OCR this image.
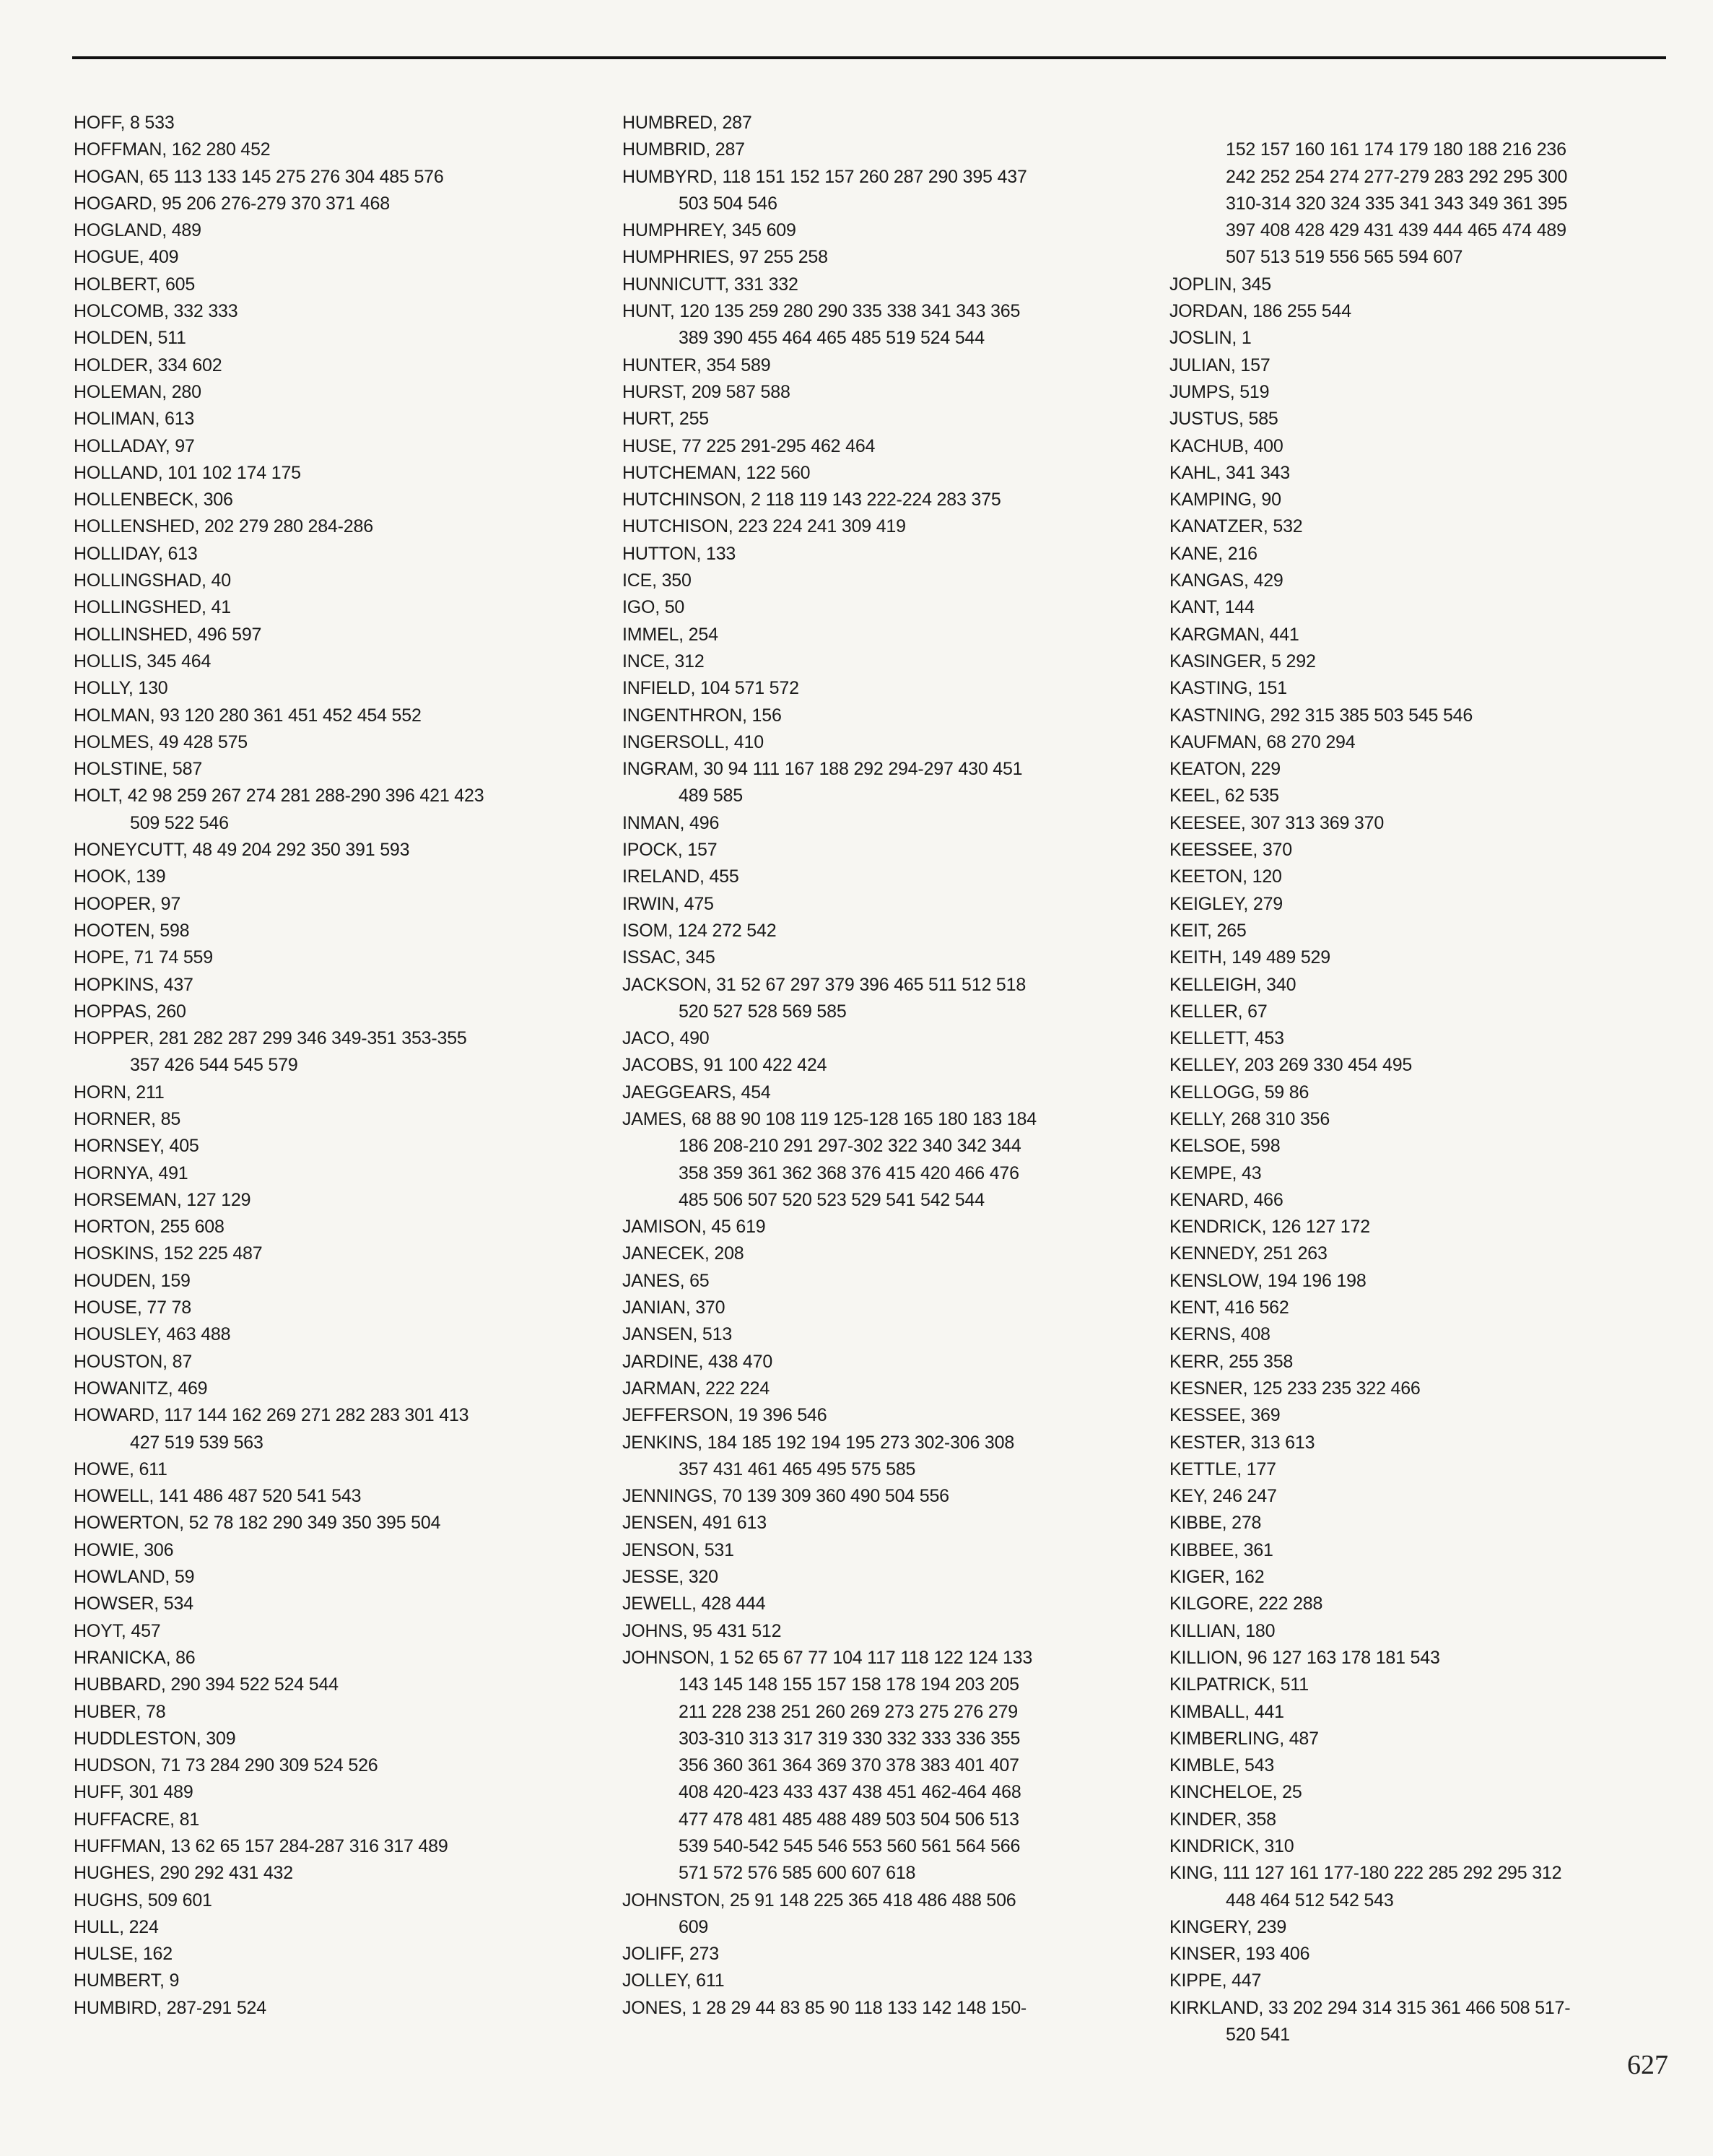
HOFF, 8 533
HOFFMAN, 162 280 452
HOGAN, 65 113 133 145 275 276 304 485 576
HOGARD, 95 206 276-279 370 371 468
HOGLAND, 489
HOGUE, 409
HOLBERT, 605
HOLCOMB, 332 333
HOLDEN, 511
HOLDER, 334 602
HOLEMAN, 280
HOLIMAN, 613
HOLLADAY, 97
HOLLAND, 101 102 174 175
HOLLENBECK, 306
HOLLENSHED, 202 279 280 284-286
HOLLIDAY, 613
HOLLINGSHAD, 40
HOLLINGSHED, 41
HOLLINSHED, 496 597
HOLLIS, 345 464
HOLLY, 130
HOLMAN, 93 120 280 361 451 452 454 552
HOLMES, 49 428 575
HOLSTINE, 587
HOLT, 42 98 259 267 274 281 288-290 396 421 423
509 522 546
HONEYCUTT, 48 49 204 292 350 391 593
HOOK, 139
HOOPER, 97
HOOTEN, 598
HOPE, 71 74 559
HOPKINS, 437
HOPPAS, 260
HOPPER, 281 282 287 299 346 349-351 353-355
357 426 544 545 579
HORN, 211
HORNER, 85
HORNSEY, 405
HORNYA, 491
HORSEMAN, 127 129
HORTON, 255 608
HOSKINS, 152 225 487
HOUDEN, 159
HOUSE, 77 78
HOUSLEY, 463 488
HOUSTON, 87
HOWANITZ, 469
HOWARD, 117 144 162 269 271 282 283 301 413
427 519 539 563
HOWE, 611
HOWELL, 141 486 487 520 541 543
HOWERTON, 52 78 182 290 349 350 395 504
HOWIE, 306
HOWLAND, 59
HOWSER, 534
HOYT, 457
HRANICKA, 86
HUBBARD, 290 394 522 524 544
HUBER, 78
HUDDLESTON, 309
HUDSON, 71 73 284 290 309 524 526
HUFF, 301 489
HUFFACRE, 81
HUFFMAN, 13 62 65 157 284-287 316 317 489
HUGHES, 290 292 431 432
HUGHS, 509 601
HULL, 224
HULSE, 162
HUMBERT, 9
HUMBIRD, 287-291 524
HUMBRED, 287
HUMBRID, 287
HUMBYRD, 118 151 152 157 260 287 290 395 437
503 504 546
HUMPHREY, 345 609
HUMPHRIES, 97 255 258
HUNNICUTT, 331 332
HUNT, 120 135 259 280 290 335 338 341 343 365
389 390 455 464 465 485 519 524 544
HUNTER, 354 589
HURST, 209 587 588
HURT, 255
HUSE, 77 225 291-295 462 464
HUTCHEMAN, 122 560
HUTCHINSON, 2 118 119 143 222-224 283 375
HUTCHISON, 223 224 241 309 419
HUTTON, 133
ICE, 350
IGO, 50
IMMEL, 254
INCE, 312
INFIELD, 104 571 572
INGENTHRON, 156
INGERSOLL, 410
INGRAM, 30 94 111 167 188 292 294-297 430 451
489 585
INMAN, 496
IPOCK, 157
IRELAND, 455
IRWIN, 475
ISOM, 124 272 542
ISSAC, 345
JACKSON, 31 52 67 297 379 396 465 511 512 518
520 527 528 569 585
JACO, 490
JACOBS, 91 100 422 424
JAEGGEARS, 454
JAMES, 68 88 90 108 119 125-128 165 180 183 184
186 208-210 291 297-302 322 340 342 344
358 359 361 362 368 376 415 420 466 476
485 506 507 520 523 529 541 542 544
JAMISON, 45 619
JANECEK, 208
JANES, 65
JANIAN, 370
JANSEN, 513
JARDINE, 438 470
JARMAN, 222 224
JEFFERSON, 19 396 546
JENKINS, 184 185 192 194 195 273 302-306 308
357 431 461 465 495 575 585
JENNINGS, 70 139 309 360 490 504 556
JENSEN, 491 613
JENSON, 531
JESSE, 320
JEWELL, 428 444
JOHNS, 95 431 512
JOHNSON, 1 52 65 67 77 104 117 118 122 124 133
143 145 148 155 157 158 178 194 203 205
211 228 238 251 260 269 273 275 276 279
303-310 313 317 319 330 332 333 336 355
356 360 361 364 369 370 378 383 401 407
408 420-423 433 437 438 451 462-464 468
477 478 481 485 488 489 503 504 506 513
539 540-542 545 546 553 560 561 564 566
571 572 576 585 600 607 618
JOHNSTON, 25 91 148 225 365 418 486 488 506
609
JOLIFF, 273
JOLLEY, 611
JONES, 1 28 29 44 83 85 90 118 133 142 148 150-
152 157 160 161 174 179 180 188 216 236
242 252 254 274 277-279 283 292 295 300
310-314 320 324 335 341 343 349 361 395
397 408 428 429 431 439 444 465 474 489
507 513 519 556 565 594 607
JOPLIN, 345
JORDAN, 186 255 544
JOSLIN, 1
JULIAN, 157
JUMPS, 519
JUSTUS, 585
KACHUB, 400
KAHL, 341 343
KAMPING, 90
KANATZER, 532
KANE, 216
KANGAS, 429
KANT, 144
KARGMAN, 441
KASINGER, 5 292
KASTING, 151
KASTNING, 292 315 385 503 545 546
KAUFMAN, 68 270 294
KEATON, 229
KEEL, 62 535
KEESEE, 307 313 369 370
KEESSEE, 370
KEETON, 120
KEIGLEY, 279
KEIT, 265
KEITH, 149 489 529
KELLEIGH, 340
KELLER, 67
KELLETT, 453
KELLEY, 203 269 330 454 495
KELLOGG, 59 86
KELLY, 268 310 356
KELSOE, 598
KEMPE, 43
KENARD, 466
KENDRICK, 126 127 172
KENNEDY, 251 263
KENSLOW, 194 196 198
KENT, 416 562
KERNS, 408
KERR, 255 358
KESNER, 125 233 235 322 466
KESSEE, 369
KESTER, 313 613
KETTLE, 177
KEY, 246 247
KIBBE, 278
KIBBEE, 361
KIGER, 162
KILGORE, 222 288
KILLIAN, 180
KILLION, 96 127 163 178 181 543
KILPATRICK, 511
KIMBALL, 441
KIMBERLING, 487
KIMBLE, 543
KINCHELOE, 25
KINDER, 358
KINDRICK, 310
KING, 111 127 161 177-180 222 285 292 295 312
448 464 512 542 543
KINGERY, 239
KINSER, 193 406
KIPPE, 447
KIRKLAND, 33 202 294 314 315 361 466 508 517-
520 541
627
